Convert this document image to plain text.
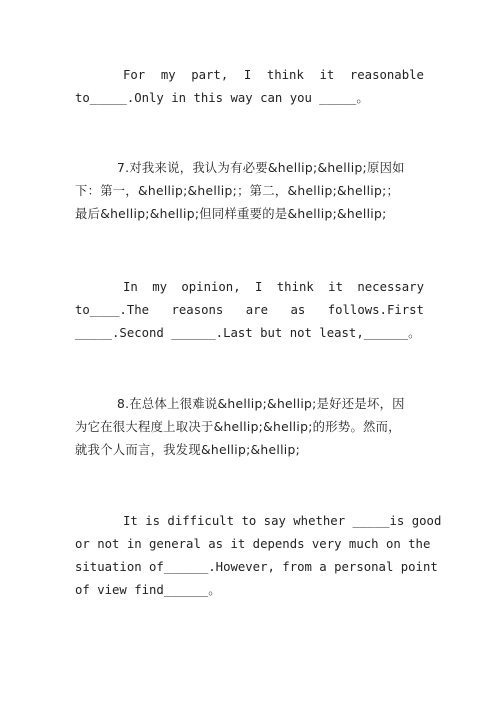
For my part, I think it reasonable
to_____.Only in this way can you _____。
7.对我来说，我认为有必要&hellip;&hellip;原因如
下：第一，&hellip;&hellip;；第二，&hellip;&hellip;；
最后&hellip;&hellip;但同样重要的是&hellip;&hellip;
In my opinion, I think it necessary
to____.The reasons are as follows.First
_____.Second ______.Last but not least,______。
8.在总体上很难说&hellip;&hellip;是好还是坏，因
为它在很大程度上取决于&hellip;&hellip;的形势。然而，
就我个人而言，我发现&hellip;&hellip;
It is difficult to say whether _____is good
or not in general as it depends very much on the
situation of______.However, from a personal point
of view find______。
